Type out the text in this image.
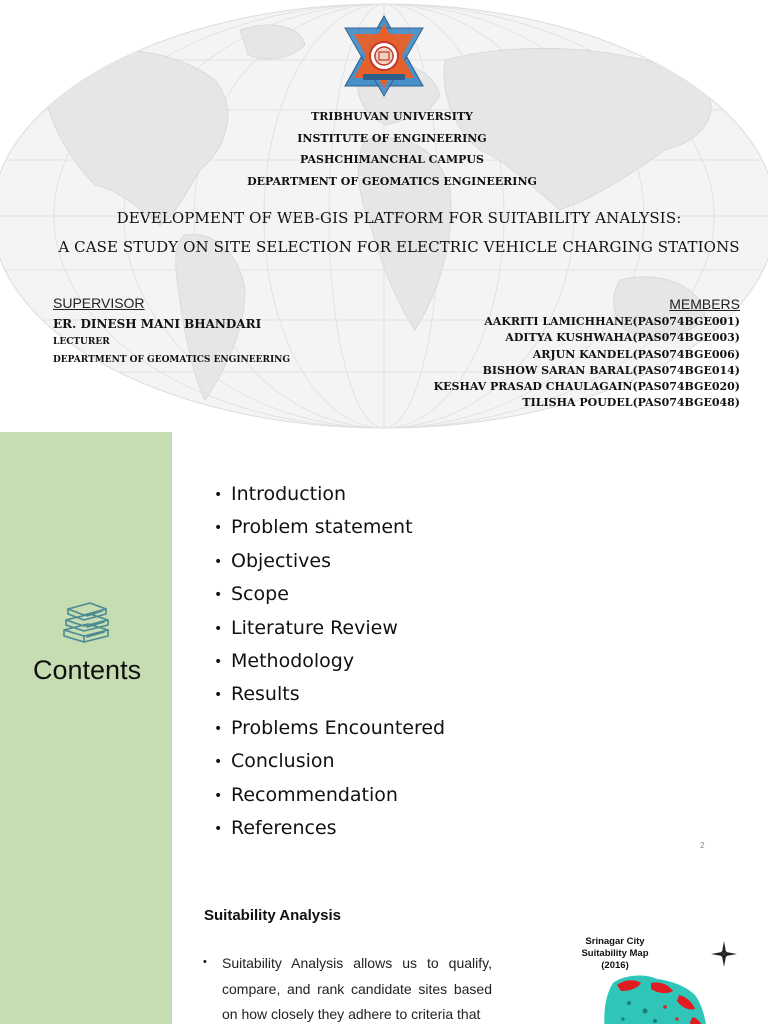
TRIBHUVAN UNIVERSITY
INSTITUTE OF ENGINEERING
PASHCHIMANCHAL CAMPUS
DEPARTMENT OF GEOMATICS ENGINEERING
DEVELOPMENT OF WEB-GIS PLATFORM FOR SUITABILITY ANALYSIS:
A CASE STUDY ON SITE SELECTION FOR ELECTRIC VEHICLE CHARGING STATIONS
SUPERVISOR
ER. DINESH MANI BHANDARI
LECTURER
DEPARTMENT OF GEOMATICS ENGINEERING
MEMBERS
AAKRITI LAMICHHANE(PAS074BGE001)
ADITYA KUSHWAHA(PAS074BGE003)
ARJUN KANDEL(PAS074BGE006)
BISHOW SARAN BARAL(PAS074BGE014)
KESHAV PRASAD CHAULAGAIN(PAS074BGE020)
TILISHA POUDEL(PAS074BGE048)
Contents
• Introduction
• Problem statement
• Objectives
• Scope
• Literature Review
• Methodology
• Results
• Problems Encountered
• Conclusion
• Recommendation
• References
2
Suitability Analysis
• Suitability Analysis allows us to qualify, compare, and rank candidate sites based on how closely they adhere to criteria that
Srinagar City
Suitability Map
(2016)
